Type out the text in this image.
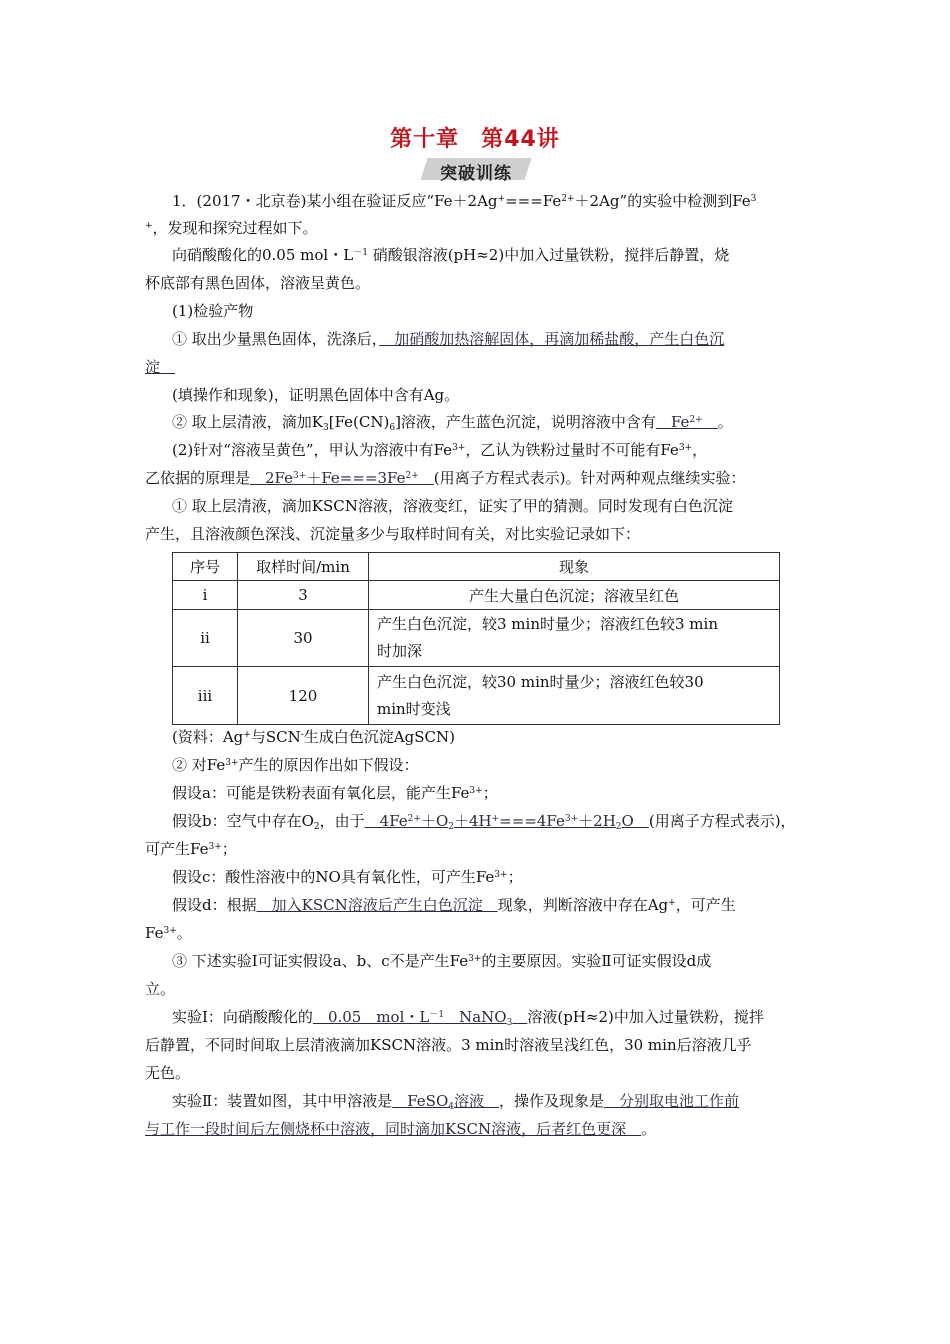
第十章 第44讲
突破训练
1．(2017・北京卷)某小组在验证反应“$Fe+2Ag^+===Fe^{2+}+2Ag$”的实验中检测到Fe$^3$
+，发现和探究过程如下。
向硝酸酸化的0.05 mol・$L^{-1}$ 硝酸银溶液(pH≈2)中加入过量铁粉，搅拌后静置，烧
杯底部有黑色固体，溶液呈黄色。
(1)检验产物
① 取出少量黑色固体，洗涤后，　加硝酸加热溶解固体，再滴加稀盐酸，产生白色沉
淀　
(填操作和现象)，证明黑色固体中含有Ag。
② 取上层清液，滴加$K_3[Fe(CN)_6]$溶液，产生蓝色沉淀，说明溶液中含有　$Fe^{2+}$　 。
(2)针对“溶液呈黄色”，甲认为溶液中有$Fe^{3+}$，乙认为铁粉过量时不可能有$Fe^{3+}$，
乙依据的原理是　$2Fe^{3+}+Fe===3Fe^{2+}$　 (用离子方程式表示)。针对两种观点继续实验：
① 取上层清液，滴加KSCN溶液，溶液变红，证实了甲的猜测。同时发现有白色沉淀
产生，且溶液颜色深浅、沉淀量多少与取样时间有关，对比实验记录如下：
序号	取样时间/min	现象
i	3	产生大量白色沉淀；溶液呈红色
ii	30	产生白色沉淀，较3 min时量少；溶液红色较3 min
时加深
iii	120	产生白色沉淀，较30 min时量少；溶液红色较30
min时变浅
(资料：Ag+与SCN-生成白色沉淀AgSCN)
② 对$Fe^{3+}$产生的原因作出如下假设：
假设a：可能是铁粉表面有氧化层，能产生$Fe^{3+}$；
假设b：空气中存在$O_2$，由于　$4Fe^{2+}+O_2+4H^+===4Fe^{3+}+2H_2O$　(用离子方程式表示)，
可产生$Fe^{3+}$；
假设c：酸性溶液中的NO具有氧化性，可产生$Fe^{3+}$；
假设d：根据　加入KSCN溶液后产生白色沉淀　现象，判断溶液中存在Ag+，可产生
$Fe^{3+}$。
③ 下述实验Ⅰ可证实假设a、b、c不是产生$Fe^{3+}$的主要原因。实验Ⅱ可证实假设d成
立。
实验Ⅰ：向硝酸酸化的　0.05　mol・$L^{-1}$　NaNO$_3$　 溶液(pH≈2)中加入过量铁粉，搅拌
后静置，不同时间取上层清液滴加KSCN溶液。3 min时溶液呈浅红色，30 min后溶液几乎
无色。
实验Ⅱ：装置如图，其中甲溶液是　FeSO$_4$溶液　，操作及现象是　分别取电池工作前
与工作一段时间后左侧烧杯中溶液，同时滴加KSCN溶液，后者红色更深　。
